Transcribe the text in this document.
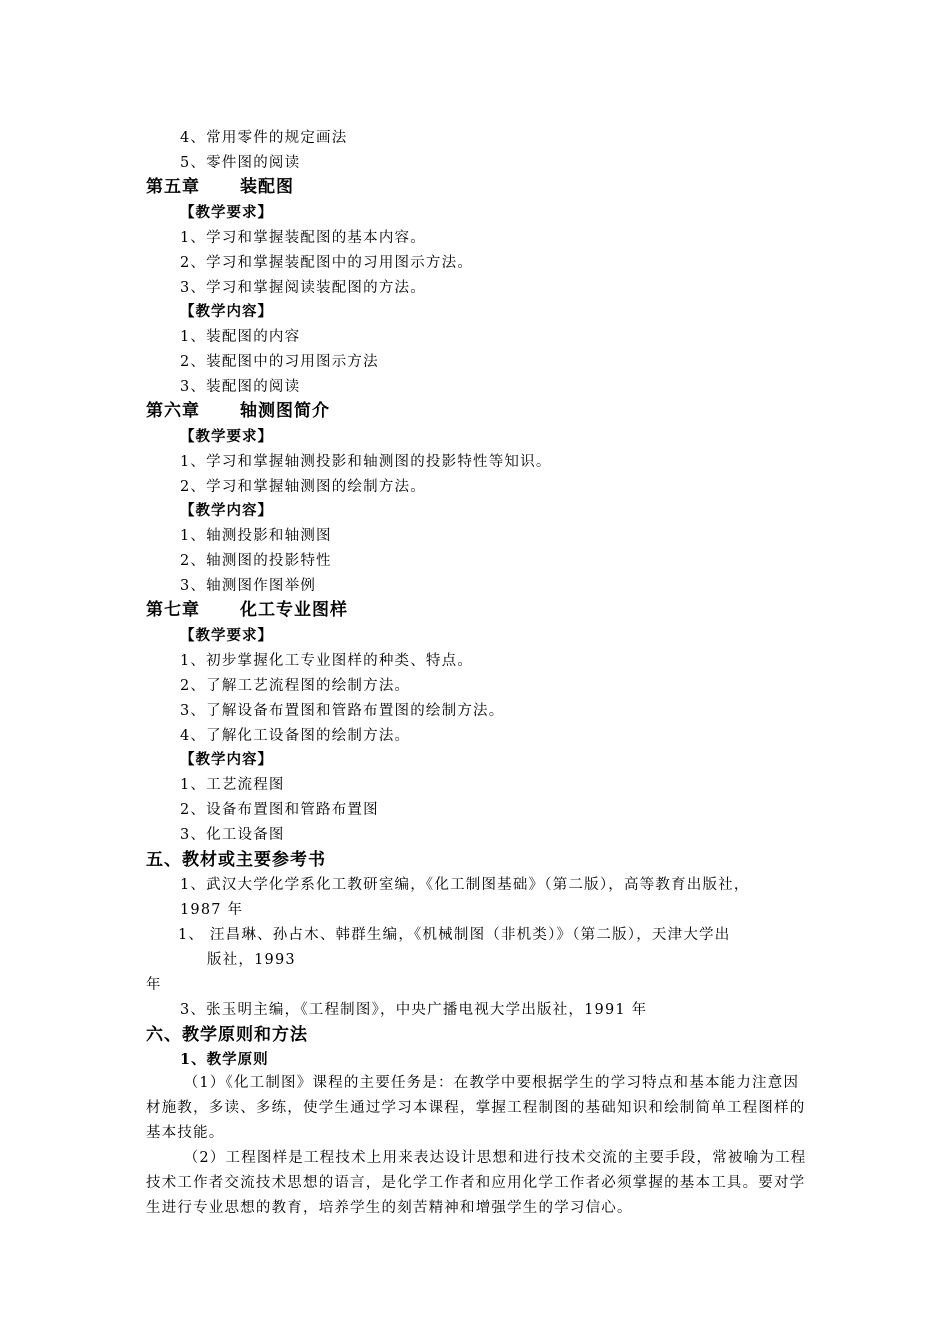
4、常用零件的规定画法
5、零件图的阅读
第五章 装配图
【教学要求】
1、学习和掌握装配图的基本内容。
2、学习和掌握装配图中的习用图示方法。
3、学习和掌握阅读装配图的方法。
【教学内容】
1、装配图的内容
2、装配图中的习用图示方法
3、装配图的阅读
第六章 轴测图简介
【教学要求】
1、学习和掌握轴测投影和轴测图的投影特性等知识。
2、学习和掌握轴测图的绘制方法。
【教学内容】
1、轴测投影和轴测图
2、轴测图的投影特性
3、轴测图作图举例
第七章 化工专业图样
【教学要求】
1、初步掌握化工专业图样的种类、特点。
2、了解工艺流程图的绘制方法。
3、了解设备布置图和管路布置图的绘制方法。
4、了解化工设备图的绘制方法。
【教学内容】
1、工艺流程图
2、设备布置图和管路布置图
3、化工设备图
五、教材或主要参考书
1、武汉大学化学系化工教研室编，《化工制图基础》（第二版），高等教育出版社，
1987 年
1、 汪昌琳、孙占木、韩群生编，《机械制图（非机类）》（第二版），天津大学出
版社，1993
年
3、张玉明主编，《工程制图》，中央广播电视大学出版社，1991 年
六、教学原则和方法
1、教学原则
（1）《化工制图》课程的主要任务是：在教学中要根据学生的学习特点和基本能力注意因材施教，多读、多练，使学生通过学习本课程，掌握工程制图的基础知识和绘制简单工程图样的基本技能。
（2）工程图样是工程技术上用来表达设计思想和进行技术交流的主要手段，常被喻为工程技术工作者交流技术思想的语言，是化学工作者和应用化学工作者必须掌握的基本工具。要对学生进行专业思想的教育，培养学生的刻苦精神和增强学生的学习信心。
